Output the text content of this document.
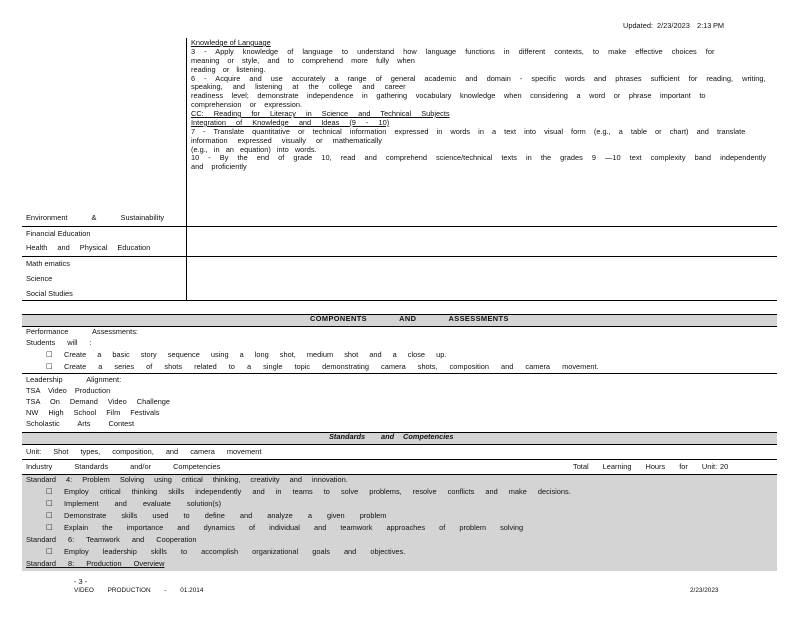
Updated: 2/23/2023 2:13 PM
Knowledge of Language
3 - Apply knowledge of language to understand how language functions in different contexts, to make effective choices for
meaning or style, and to comprehend more fully when
reading or listening.
6 - Acquire and use accurately a range of general academic and domain - specific words and phrases sufficient for reading, writing,
speaking, and listening at the college and career
readiness level; demonstrate independence in gathering vocabulary knowledge when considering a word or phrase important to
comprehension or expression.
CC: Reading for Literacy in Science and Technical Subjects
Integration of Knowledge and Ideas (9 - 10)
7 - Translate quantitative or technical information expressed in words in a text into visual form (e.g., a table or chart) and translate
information expressed visually or mathematically
(e.g., in an equation) into words.
10 - By the end of grade 10, read and comprehend science/technical texts in the grades 9 —10 text complexity band independently
and proficiently
Environment & Sustainability
Financial Education
Health and Physical Education
Math ematics
Science
Social Studies
COMPONENTS AND ASSESSMENTS
Performance Assessments:
Students will :
□ Create a basic story sequence using a long shot, medium shot and a close up.
□ Create a series of shots related to a single topic demonstrating camera shots, composition and camera movement.
Leadership Alignment:
TSA Video Production
TSA On Demand Video Challenge
NW High School Film Festivals
Scholastic Arts Contest
Standards and Competencies
Unit: Shot types, composition, and camera movement
Industry Standards and/or Competencies	Total Learning Hours for Unit: 20
Standard 4: Problem Solving using critical thinking, creativity and innovation.
□ Employ critical thinking skills independently and in teams to solve problems, resolve conflicts and make decisions.
□ Implement and evaluate solution(s)
□ Demonstrate skills used to define and analyze a given problem
□ Explain the importance and dynamics of individual and teamwork approaches of problem solving
Standard 6: Teamwork and Cooperation
□ Employ leadership skills to accomplish organizational goals and objectives.
Standard 8: Production Overview
- 3 -
VIDEO PRODUCTION - 01.2014	2/23/2023
